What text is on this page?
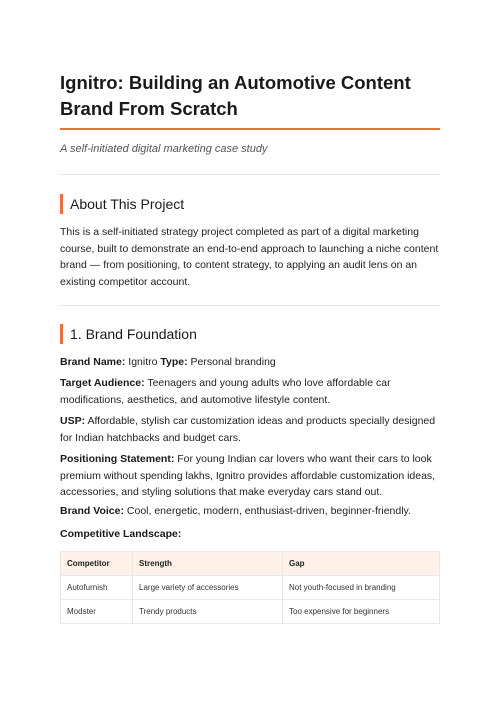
Ignitro: Building an Automotive Content Brand From Scratch

A self-initiated digital marketing case study

About This Project

This is a self-initiated strategy project completed as part of a digital marketing course, built to demonstrate an end-to-end approach to launching a niche content brand — from positioning, to content strategy, to applying an audit lens on an existing competitor account.

1. Brand Foundation

Brand Name: Ignitro Type: Personal branding

Target Audience: Teenagers and young adults who love affordable car modifications, aesthetics, and automotive lifestyle content.

USP: Affordable, stylish car customization ideas and products specially designed for Indian hatchbacks and budget cars.

Positioning Statement: For young Indian car lovers who want their cars to look premium without spending lakhs, Ignitro provides affordable customization ideas, accessories, and styling solutions that make everyday cars stand out.

Brand Voice: Cool, energetic, modern, enthusiast-driven, beginner-friendly.

Competitive Landscape:

Competitor	Strength	Gap
Autofurnish	Large variety of accessories	Not youth-focused in branding
Modster	Trendy products	Too expensive for beginners
